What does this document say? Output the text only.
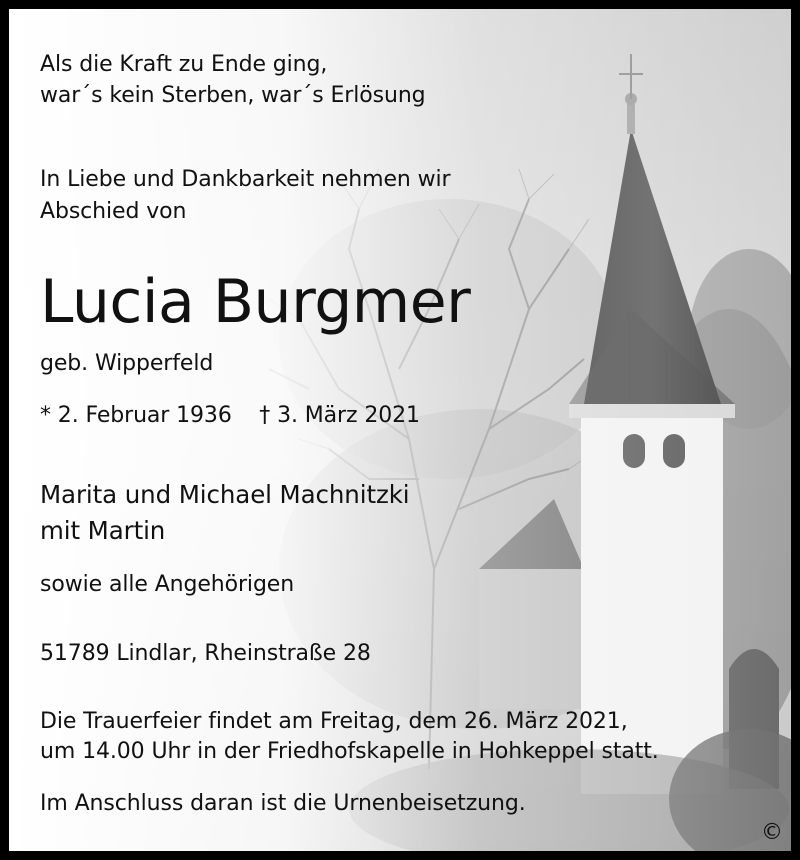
Als die Kraft zu Ende ging,
war´s kein Sterben, war´s Erlösung
In Liebe und Dankbarkeit nehmen wir
Abschied von
Lucia Burgmer
geb. Wipperfeld
* 2. Februar 1936    † 3. März 2021
Marita und Michael Machnitzki
mit Martin
sowie alle Angehörigen
51789 Lindlar, Rheinstraße 28
Die Trauerfeier findet am Freitag, dem 26. März 2021,
um 14.00 Uhr in der Friedhofskapelle in Hohkeppel statt.
Im Anschluss daran ist die Urnenbeisetzung.
©
